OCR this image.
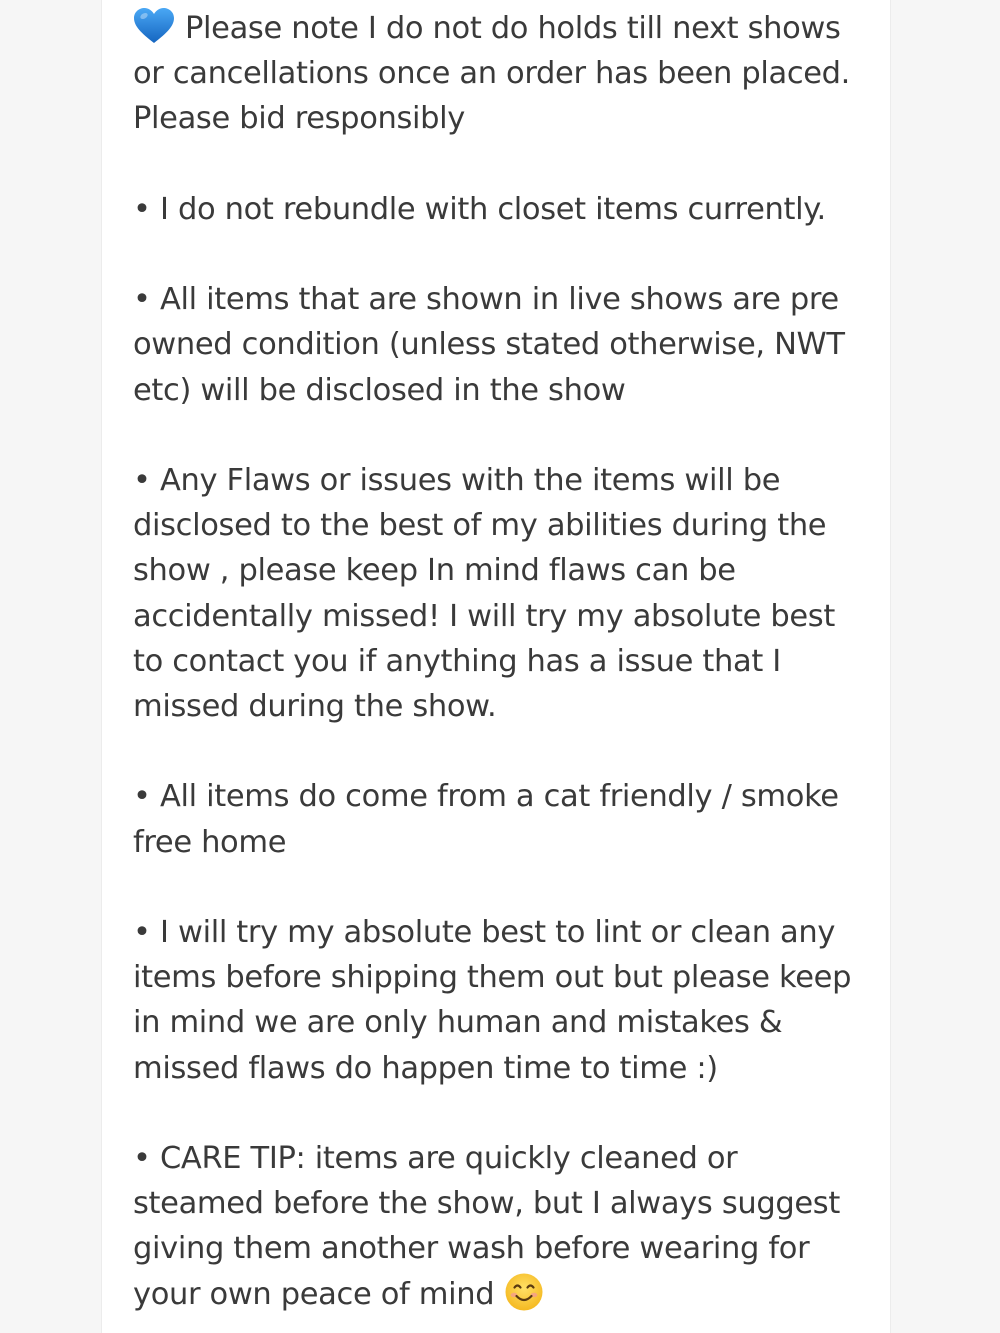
Please note I do not do holds till next shows or cancellations once an order has been placed. Please bid responsibly

• I do not rebundle with closet items currently.

• All items that are shown in live shows are pre owned condition (unless stated otherwise, NWT etc) will be disclosed in the show

• Any Flaws or issues with the items will be disclosed to the best of my abilities during the show , please keep In mind flaws can be accidentally missed! I will try my absolute best to contact you if anything has a issue that I missed during the show.

• All items do come from a cat friendly / smoke free home

• I will try my absolute best to lint or clean any items before shipping them out but please keep in mind we are only human and mistakes & missed flaws do happen time to time :)

• CARE TIP: items are quickly cleaned or steamed before the show, but I always suggest giving them another wash before wearing for your own peace of mind
